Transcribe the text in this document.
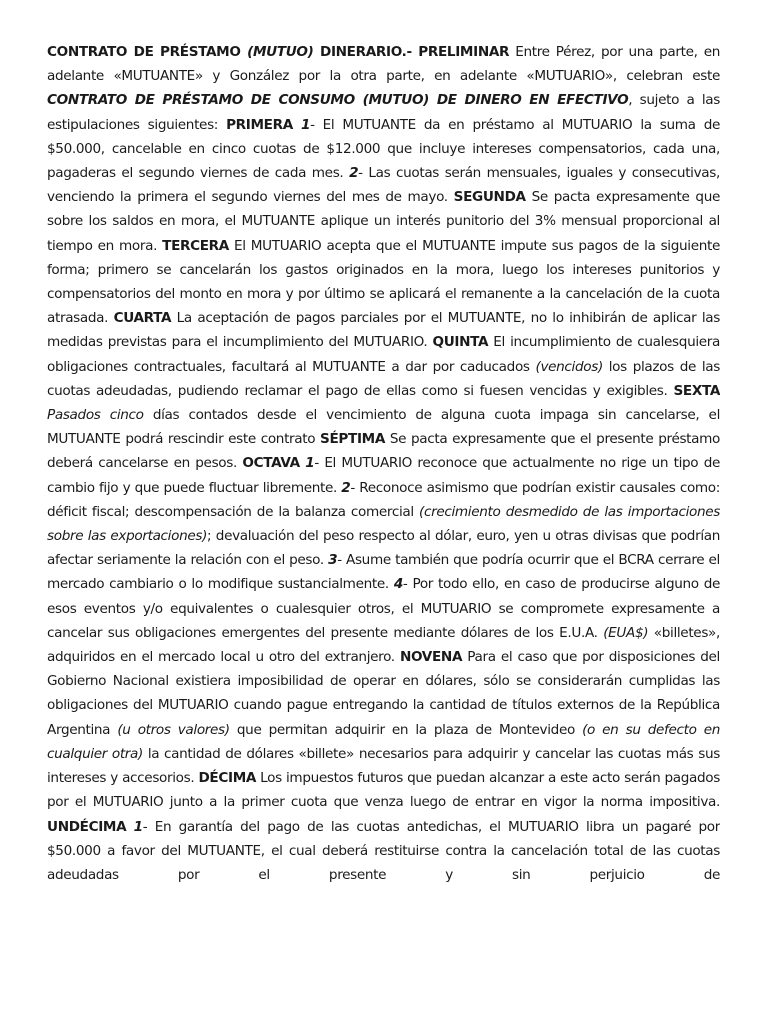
CONTRATO DE PRÉSTAMO (MUTUO) DINERARIO.- PRELIMINAR Entre Pérez, por una parte, en adelante «MUTUANTE» y González por la otra parte, en adelante «MUTUARIO», celebran este CONTRATO DE PRÉSTAMO DE CONSUMO (MUTUO) DE DINERO EN EFECTIVO, sujeto a las estipulaciones siguientes: PRIMERA 1- El MUTUANTE da en préstamo al MUTUARIO la suma de $50.000, cancelable en cinco cuotas de $12.000 que incluye intereses compensatorios, cada una, pagaderas el segundo viernes de cada mes. 2- Las cuotas serán mensuales, iguales y consecutivas, venciendo la primera el segundo viernes del mes de mayo. SEGUNDA Se pacta expresamente que sobre los saldos en mora, el MUTUANTE aplique un interés punitorio del 3% mensual proporcional al tiempo en mora. TERCERA El MUTUARIO acepta que el MUTUANTE impute sus pagos de la siguiente forma; primero se cancelarán los gastos originados en la mora, luego los intereses punitorios y compensatorios del monto en mora y por último se aplicará el remanente a la cancelación de la cuota atrasada. CUARTA La aceptación de pagos parciales por el MUTUANTE, no lo inhibirán de aplicar las medidas previstas para el incumplimiento del MUTUARIO. QUINTA El incumplimiento de cualesquiera obligaciones contractuales, facultará al MUTUANTE a dar por caducados (vencidos) los plazos de las cuotas adeudadas, pudiendo reclamar el pago de ellas como si fuesen vencidas y exigibles. SEXTA Pasados cinco días contados desde el vencimiento de alguna cuota impaga sin cancelarse, el MUTUANTE podrá rescindir este contrato SÉPTIMA Se pacta expresamente que el presente préstamo deberá cancelarse en pesos. OCTAVA 1- El MUTUARIO reconoce que actualmente no rige un tipo de cambio fijo y que puede fluctuar libremente. 2- Reconoce asimismo que podrían existir causales como: déficit fiscal; descompensación de la balanza comercial (crecimiento desmedido de las importaciones sobre las exportaciones); devaluación del peso respecto al dólar, euro, yen u otras divisas que podrían afectar seriamente la relación con el peso. 3- Asume también que podría ocurrir que el BCRA cerrare el mercado cambiario o lo modifique sustancialmente. 4- Por todo ello, en caso de producirse alguno de esos eventos y/o equivalentes o cualesquier otros, el MUTUARIO se compromete expresamente a cancelar sus obligaciones emergentes del presente mediante dólares de los E.U.A. (EUA$) «billetes», adquiridos en el mercado local u otro del extranjero. NOVENA Para el caso que por disposiciones del Gobierno Nacional existiera imposibilidad de operar en dólares, sólo se considerarán cumplidas las obligaciones del MUTUARIO cuando pague entregando la cantidad de títulos externos de la República Argentina (u otros valores) que permitan adquirir en la plaza de Montevideo (o en su defecto en cualquier otra) la cantidad de dólares «billete» necesarios para adquirir y cancelar las cuotas más sus intereses y accesorios. DÉCIMA Los impuestos futuros que puedan alcanzar a este acto serán pagados por el MUTUARIO junto a la primer cuota que venza luego de entrar en vigor la norma impositiva. UNDÉCIMA 1- En garantía del pago de las cuotas antedichas, el MUTUARIO libra un pagaré por $50.000 a favor del MUTUANTE, el cual deberá restituirse contra la cancelación total de las cuotas adeudadas por el presente y sin perjuicio de
